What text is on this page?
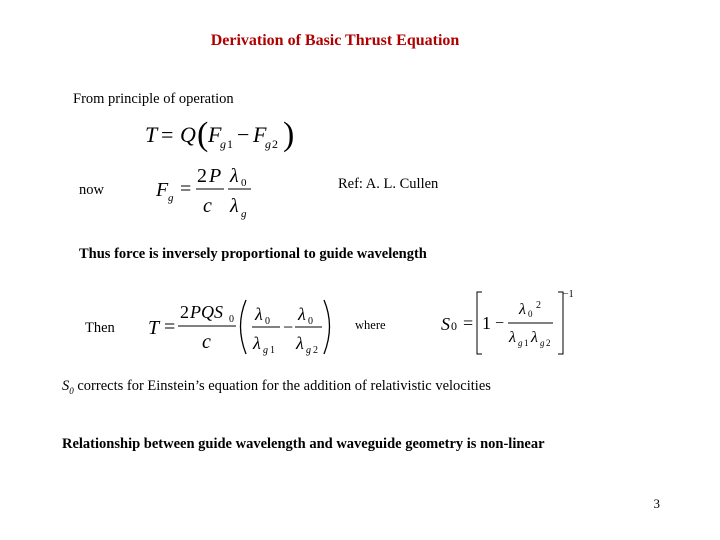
Derivation of Basic Thrust Equation
From principle of operation
T = Q ( F
g 1 − F
g 2 )
now	F g =
2 P
c
λ 0
λ g
Ref: A. L. Cullen
Thus force is inversely proportional to guide wavelength
Then T =
2 PQS 0
c
λ 0
λ g 1
−
λ 0
λ g 2
where	S 0 = 1 −
λ 0
2
λ g 1 λ g 2
−1
$S_0$ corrects for Einstein’s equation for the addition of relativistic velocities
Relationship between guide wavelength and waveguide geometry is non-linear
3
